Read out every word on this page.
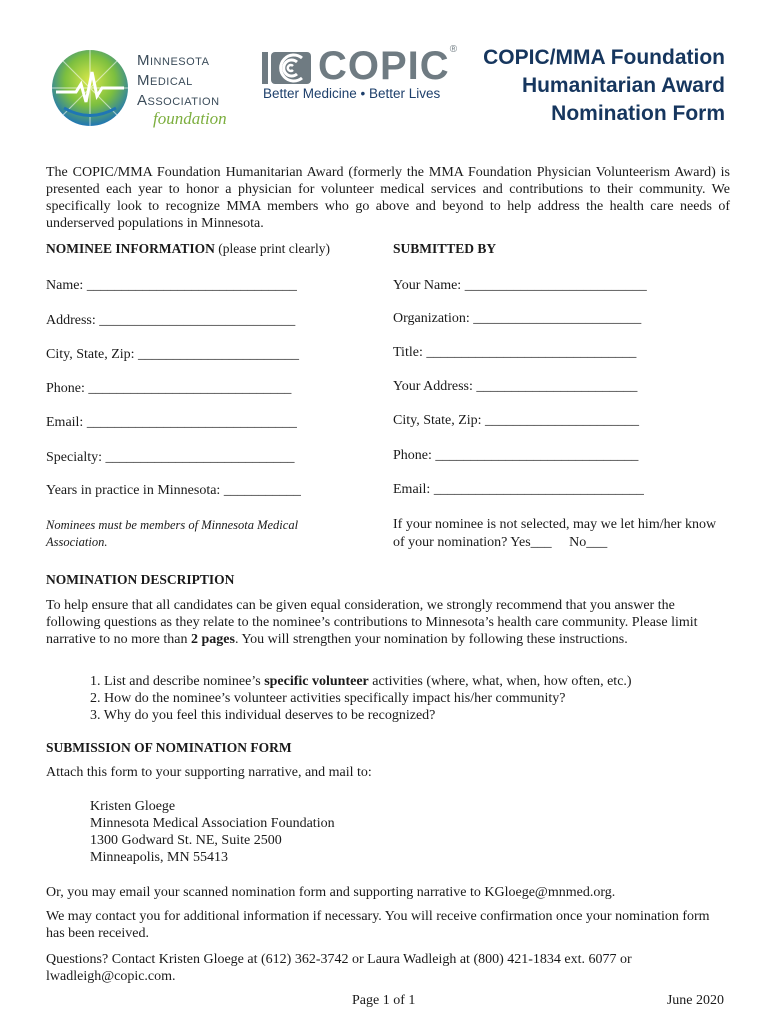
Minnesota
Medical
Association
foundation
COPIC®
Better Medicine • Better Lives
COPIC/MMA Foundation
Humanitarian Award
Nomination Form
The COPIC/MMA Foundation Humanitarian Award (formerly the MMA Foundation Physician Volunteerism Award) is presented each year to honor a physician for volunteer medical services and contributions to their community. We specifically look to recognize MMA members who go above and beyond to help address the health care needs of underserved populations in Minnesota.
NOMINEE INFORMATION (please print clearly)
Name: ______________________________
Address: ____________________________
City, State, Zip: _______________________
Phone: _____________________________
Email: ______________________________
Specialty: ___________________________
Years in practice in Minnesota: ___________
Nominees must be members of Minnesota Medical Association.
SUBMITTED BY
Your Name: __________________________
Organization: ________________________
Title: ______________________________
Your Address: _______________________
City, State, Zip: ______________________
Phone: _____________________________
Email: ______________________________
If your nominee is not selected, may we let him/her know of your nomination? Yes___ No___
NOMINATION DESCRIPTION
To help ensure that all candidates can be given equal consideration, we strongly recommend that you answer the following questions as they relate to the nominee’s contributions to Minnesota’s health care community. Please limit narrative to no more than 2 pages. You will strengthen your nomination by following these instructions.
1. List and describe nominee’s specific volunteer activities (where, what, when, how often, etc.)
2. How do the nominee’s volunteer activities specifically impact his/her community?
3. Why do you feel this individual deserves to be recognized?
SUBMISSION OF NOMINATION FORM
Attach this form to your supporting narrative, and mail to:
Kristen Gloege
Minnesota Medical Association Foundation
1300 Godward St. NE, Suite 2500
Minneapolis, MN 55413
Or, you may email your scanned nomination form and supporting narrative to KGloege@mnmed.org.
We may contact you for additional information if necessary. You will receive confirmation once your nomination form has been received.
Questions? Contact Kristen Gloege at (612) 362-3742 or Laura Wadleigh at (800) 421-1834 ext. 6077 or lwadleigh@copic.com.
Page 1 of 1	June 2020
